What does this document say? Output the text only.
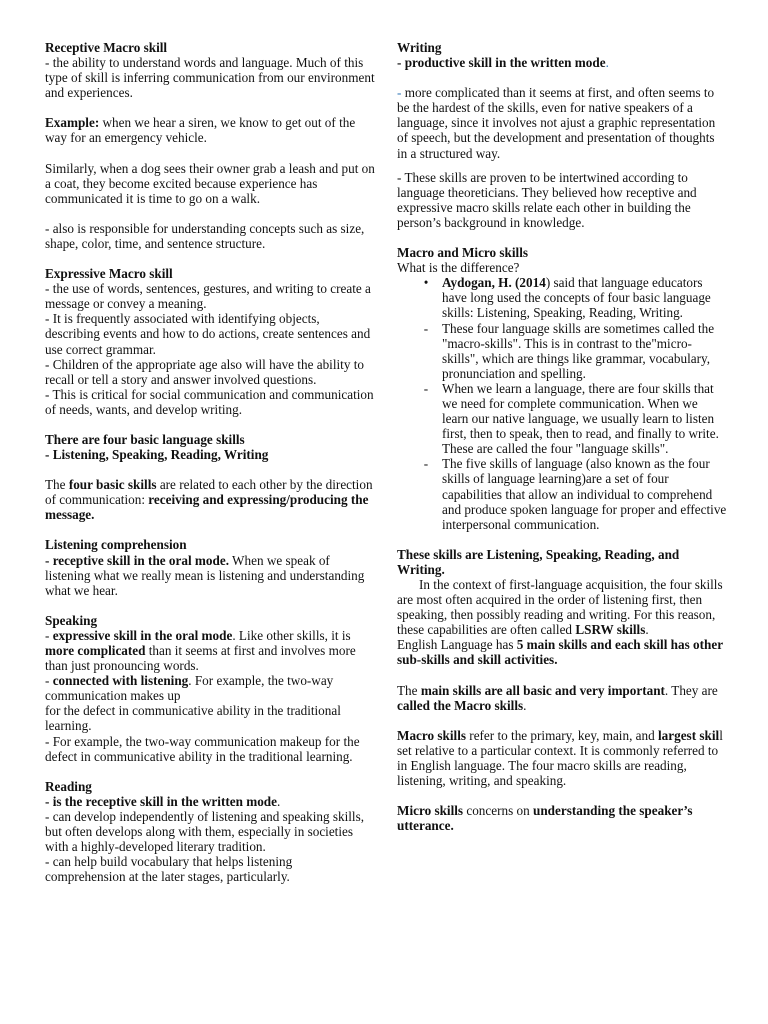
Receptive Macro skill

- the ability to understand words and language. Much of this type of skill is inferring communication from our environment and experiences.

Example: when we hear a siren, we know to get out of the way for an emergency vehicle.

Similarly, when a dog sees their owner grab a leash and put on a coat, they become excited because experience has communicated it is time to go on a walk.

- also is responsible for understanding concepts such as size, shape, color, time, and sentence structure.

Expressive Macro skill

- the use of words, sentences, gestures, and writing to create a message or convey a meaning.

- It is frequently associated with identifying objects, describing events and how to do actions, create sentences and use correct grammar.

- Children of the appropriate age also will have the ability to recall or tell a story and answer involved questions.

- This is critical for social communication and communication of needs, wants, and develop writing.

There are four basic language skills

- Listening, Speaking, Reading, Writing

The four basic skills are related to each other by the direction of communication: receiving and expressing/producing the message.

Listening comprehension

- receptive skill in the oral mode. When we speak of listening what we really mean is listening and understanding what we hear.

Speaking

- expressive skill in the oral mode. Like other skills, it is more complicated than it seems at first and involves more than just pronouncing words.

- connected with listening. For example, the two-way communication makes up

for the defect in communicative ability in the traditional learning.

- For example, the two-way communication makeup for the defect in communicative ability in the traditional learning.

Reading

- is the receptive skill in the written mode.

- can develop independently of listening and speaking skills, but often develops along with them, especially in societies with a highly-developed literary tradition.

- can help build vocabulary that helps listening comprehension at the later stages, particularly.

Writing

- productive skill in the written mode.

- more complicated than it seems at first, and often seems to be the hardest of the skills, even for native speakers of a language, since it involves not ajust a graphic representation of speech, but the development and presentation of thoughts in a structured way.

- These skills are proven to be intertwined according to language theoreticians. They believed how receptive and expressive macro skills relate each other in building the person’s background in knowledge.

Macro and Micro skills

What is the difference?

•	Aydogan, H. (2014) said that language educators have long used the concepts of four basic language skills: Listening, Speaking, Reading, Writing.
-	These four language skills are sometimes called the "macro-skills". This is in contrast to the"micro-skills", which are things like grammar, vocabulary, pronunciation and spelling.
-	When we learn a language, there are four skills that we need for complete communication. When we learn our native language, we usually learn to listen first, then to speak, then to read, and finally to write. These are called the four "language skills".
-	The five skills of language (also known as the four skills of language learning)are a set of four capabilities that allow an individual to comprehend and produce spoken language for proper and effective interpersonal communication.

These skills are Listening, Speaking, Reading, and Writing.

In the context of first-language acquisition, the four skills are most often acquired in the order of listening first, then speaking, then possibly reading and writing. For this reason, these capabilities are often called LSRW skills.

English Language has 5 main skills and each skill has other sub-skills and skill activities.

The main skills are all basic and very important. They are called the Macro skills.

Macro skills refer to the primary, key, main, and largest skill set relative to a particular context. It is commonly referred to in English language. The four macro skills are reading, listening, writing, and speaking.

Micro skills concerns on understanding the speaker’s utterance.
